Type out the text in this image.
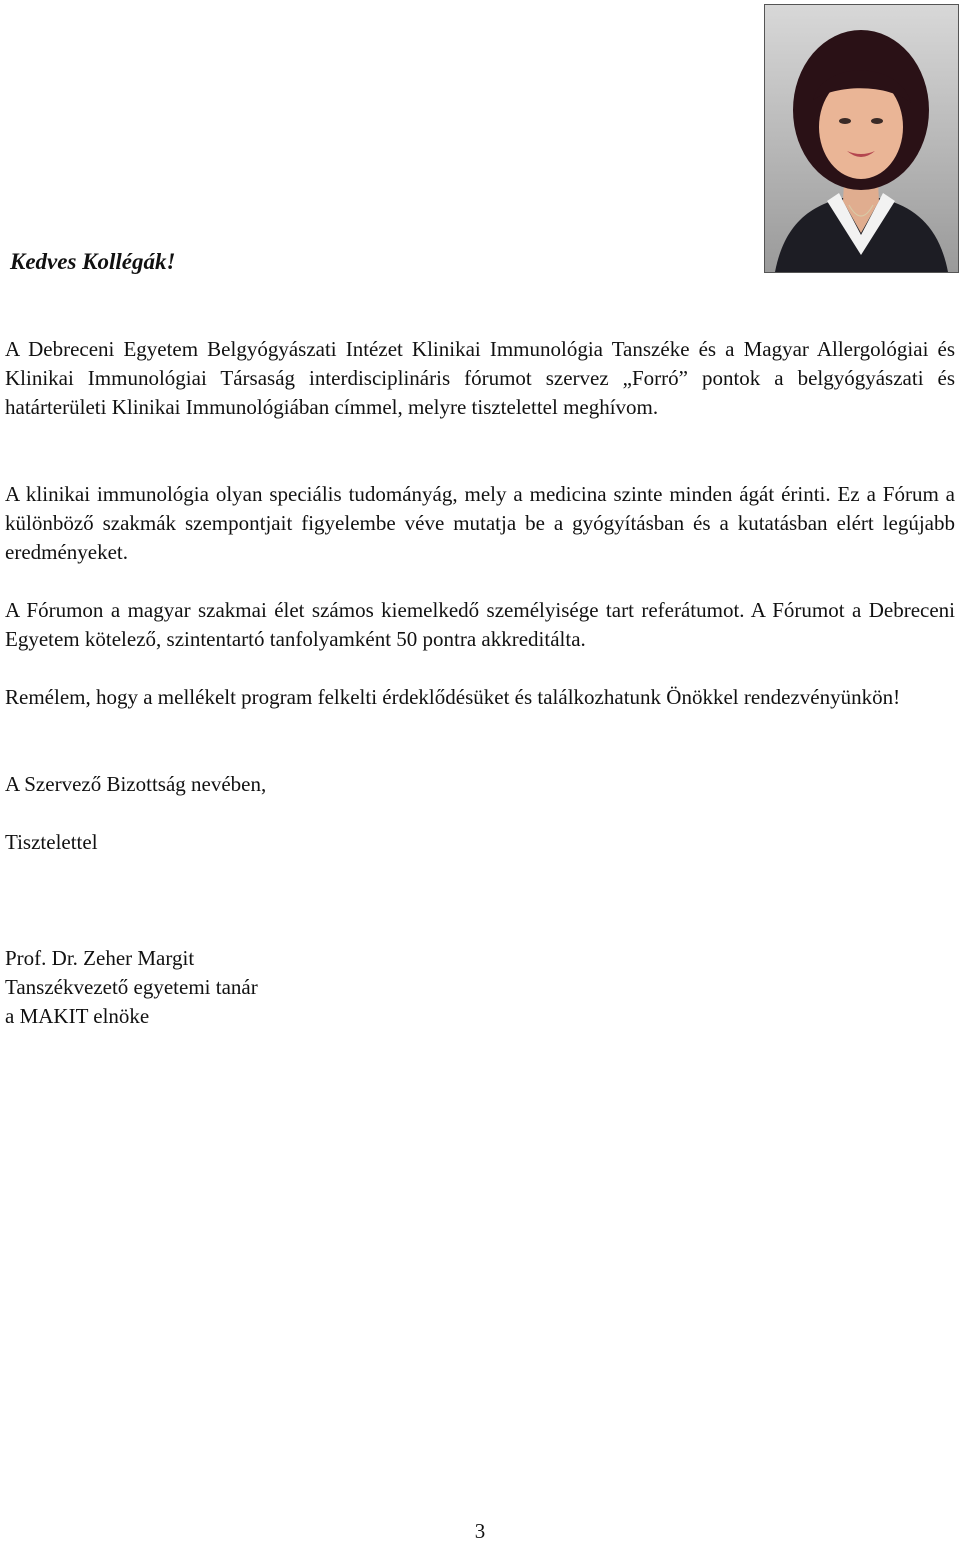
Kedves Kollégák!

A Debreceni Egyetem Belgyógyászati Intézet Klinikai Immunológia Tanszéke és a Magyar Allergológiai és Klinikai Immunológiai Társaság interdisciplináris fórumot szervez „Forró” pontok a belgyógyászati és határterületi Klinikai Immunológiában címmel, melyre tisztelettel meghívom.

A klinikai immunológia olyan speciális tudományág, mely a medicina szinte minden ágát érinti. Ez a Fórum a különböző szakmák szempontjait figyelembe véve mutatja be a gyógyításban és a kutatásban elért legújabb eredményeket.

A Fórumon a magyar szakmai élet számos kiemelkedő személyisége tart referátumot. A Fórumot a Debreceni Egyetem kötelező, szintentartó tanfolyamként 50 pontra akkreditálta.

Remélem, hogy a mellékelt program felkelti érdeklődésüket és találkozhatunk Önökkel rendezvényünkön!

A Szervező Bizottság nevében,

Tisztelettel

Prof. Dr. Zeher Margit

Tanszékvezető egyetemi tanár

a MAKIT elnöke

3
